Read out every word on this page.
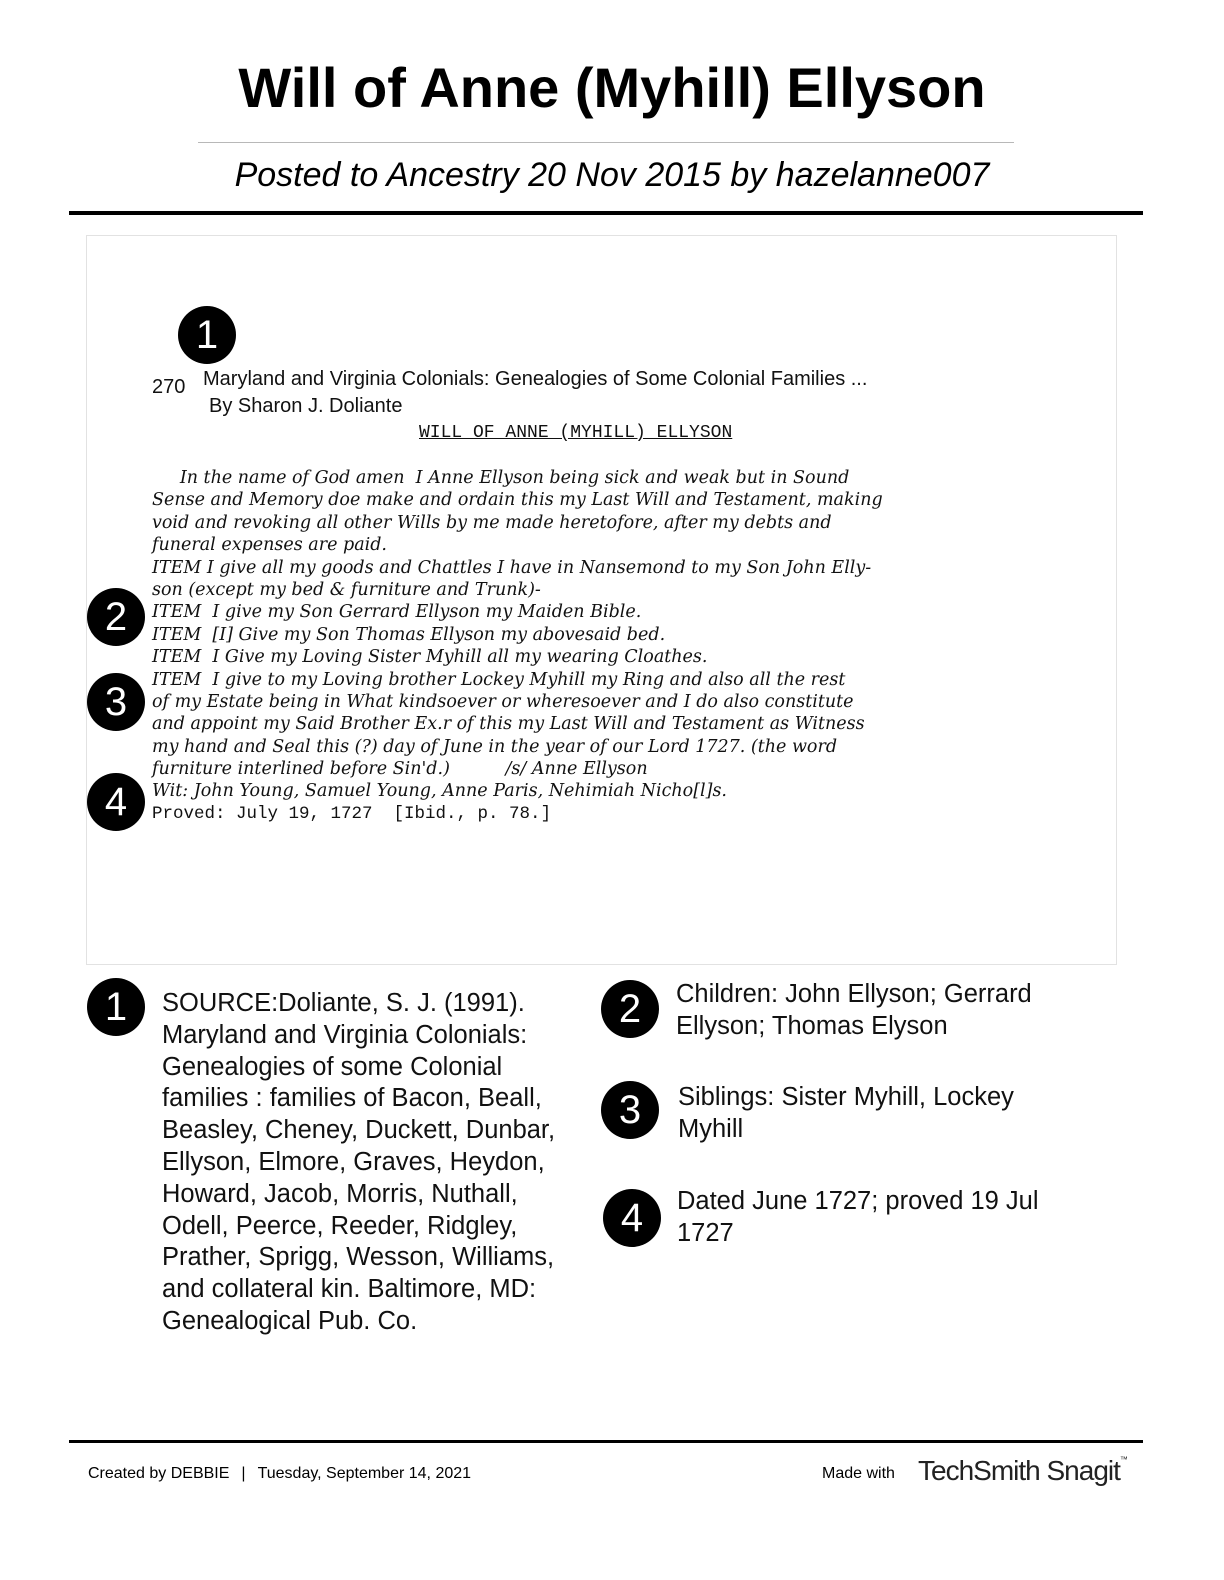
Will of Anne (Myhill) Ellyson
Posted to Ancestry 20 Nov 2015 by hazelanne007
1
2
3
4
270 Maryland and Virginia Colonials: Genealogies of Some Colonial Families ...
By Sharon J. Doliante
WILL OF ANNE (MYHILL) ELLYSON
In the name of God amen  I Anne Ellyson being sick and weak but in Sound
Sense and Memory doe make and ordain this my Last Will and Testament, making
void and revoking all other Wills by me made heretofore, after my debts and
funeral expenses are paid.
ITEM I give all my goods and Chattles I have in Nansemond to my Son John Elly-
son (except my bed & furniture and Trunk)-
ITEM  I give my Son Gerrard Ellyson my Maiden Bible.
ITEM  [I] Give my Son Thomas Ellyson my abovesaid bed.
ITEM  I Give my Loving Sister Myhill all my wearing Cloathes.
ITEM  I give to my Loving brother Lockey Myhill my Ring and also all the rest
of my Estate being in What kindsoever or wheresoever and I do also constitute
and appoint my Said Brother Ex.r of this my Last Will and Testament as Witness
my hand and Seal this (?) day of June in the year of our Lord 1727. (the word
furniture interlined before Sin'd.)          /s/ Anne Ellyson
Wit: John Young, Samuel Young, Anne Paris, Nehimiah Nicho[l]s.
Proved: July 19, 1727  [Ibid., p. 78.]
1	SOURCE:Doliante, S. J. (1991). Maryland and Virginia Colonials: Genealogies of some Colonial families : families of Bacon, Beall, Beasley, Cheney, Duckett, Dunbar, Ellyson, Elmore, Graves, Heydon, Howard, Jacob, Morris, Nuthall, Odell, Peerce, Reeder, Ridgley, Prather, Sprigg, Wesson, Williams, and collateral kin. Baltimore, MD: Genealogical Pub. Co.
2	Children: John Ellyson; Gerrard Ellyson; Thomas Elyson
3	Siblings: Sister Myhill, Lockey Myhill
4	Dated June 1727; proved 19 Jul 1727
Created by DEBBIE | Tuesday, September 14, 2021	Made with TechSmith Snagit™
